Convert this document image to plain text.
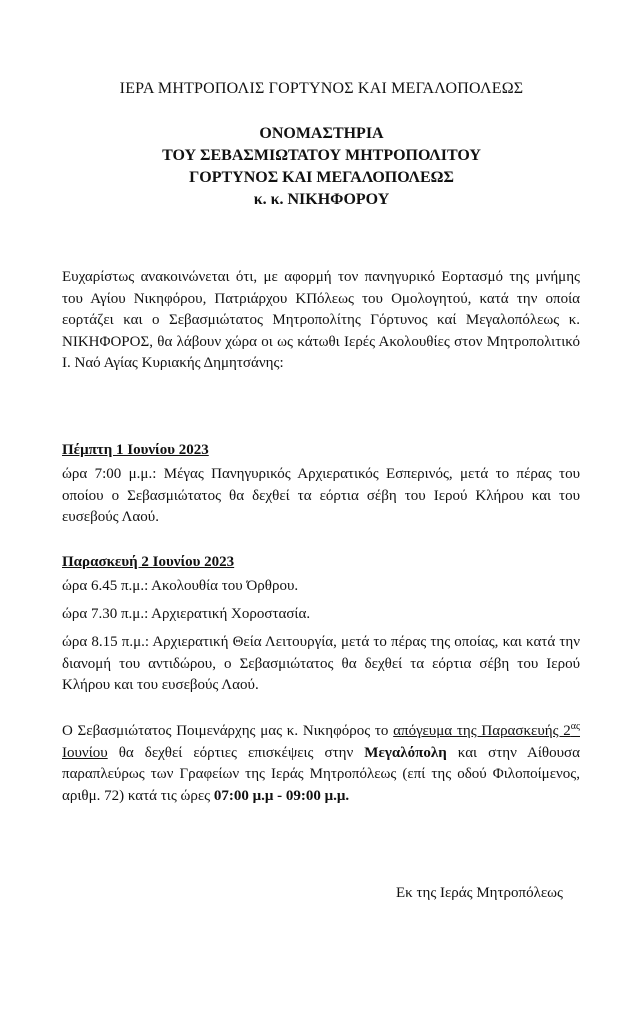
ΙΕΡΑ ΜΗΤΡΟΠΟΛΙΣ ΓΟΡΤΥΝΟΣ ΚΑΙ ΜΕΓΑΛΟΠΟΛΕΩΣ
ΟΝΟΜΑΣΤΗΡΙΑ
ΤΟΥ ΣΕΒΑΣΜΙΩΤΑΤΟΥ ΜΗΤΡΟΠΟΛΙΤΟΥ
ΓΟΡΤΥΝΟΣ ΚΑΙ ΜΕΓΑΛΟΠΟΛΕΩΣ
κ. κ. ΝΙΚΗΦΟΡΟΥ
Ευχαρίστως ανακοινώνεται ότι, με αφορμή τον πανηγυρικό Εορτασμό της μνήμης του Αγίου Νικηφόρου, Πατριάρχου ΚΠόλεως του Ομολογητού, κατά την οποία εορτάζει και ο Σεβασμιώτατος Μητροπολίτης Γόρτυνος καί Μεγαλοπόλεως κ. ΝΙΚΗΦΟΡΟΣ, θα λάβουν χώρα οι ως κάτωθι Ιερές Ακολουθίες στον Μητροπολιτικό Ι. Ναό Αγίας Κυριακής Δημητσάνης:
Πέμπτη 1 Ιουνίου 2023
ώρα 7:00 μ.μ.: Μέγας Πανηγυρικός Αρχιερατικός Εσπερινός, μετά το πέρας του οποίου ο Σεβασμιώτατος θα δεχθεί τα εόρτια σέβη του Ιερού Κλήρου και του ευσεβούς Λαού.
Παρασκευή 2 Ιουνίου 2023
ώρα 6.45 π.μ.: Ακολουθία του Όρθρου.
ώρα 7.30 π.μ.: Αρχιερατική Χοροστασία.
ώρα 8.15 π.μ.: Αρχιερατική Θεία Λειτουργία, μετά το πέρας της οποίας, και κατά την διανομή του αντιδώρου, ο Σεβασμιώτατος θα δεχθεί τα εόρτια σέβη του Ιερού Κλήρου και του ευσεβούς Λαού.
Ο Σεβασμιώτατος Ποιμενάρχης μας κ. Νικηφόρος το απόγευμα της Παρασκευής $2^{\alpha\varsigma}$ Ιουνίου θα δεχθεί εόρτιες επισκέψεις στην Μεγαλόπολη και στην Αίθουσα παραπλεύρως των Γραφείων της Ιεράς Μητροπόλεως (επί της οδού Φιλοποίμενος, αριθμ. 72) κατά τις ώρες 07:00 μ.μ - 09:00 μ.μ.
Εκ της Ιεράς Μητροπόλεως
